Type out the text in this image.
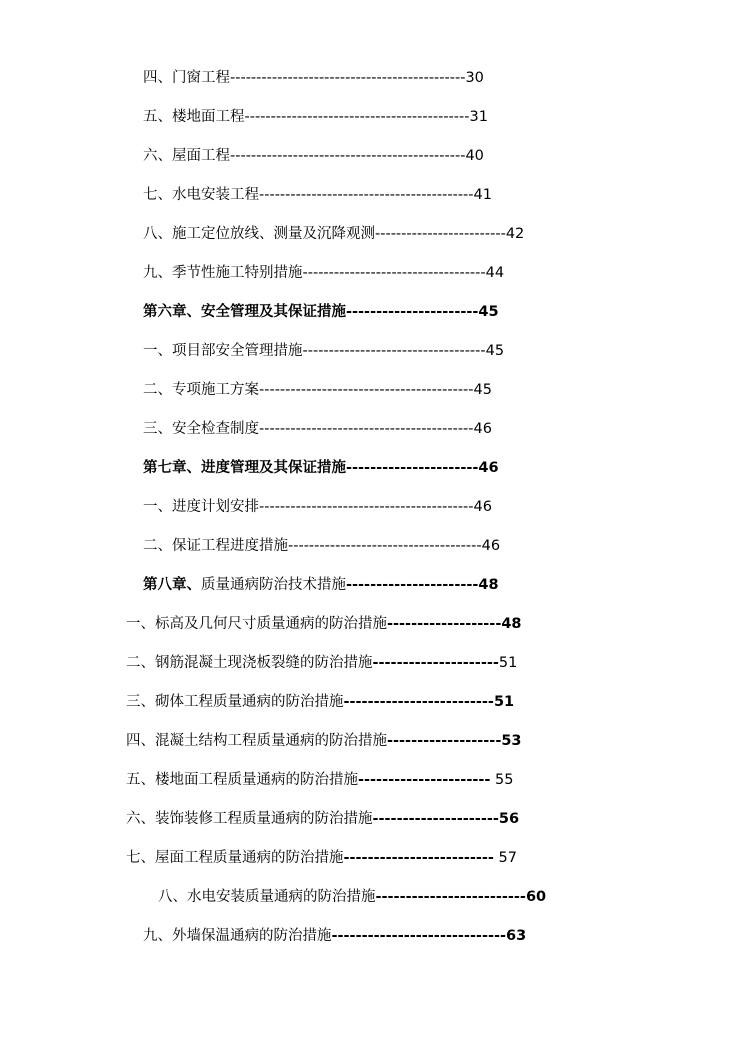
四、门窗工程---------------------------------------------30
五、楼地面工程-------------------------------------------31
六、屋面工程---------------------------------------------40
七、水电安装工程-----------------------------------------41
八、施工定位放线、测量及沉降观测-------------------------42
九、季节性施工特别措施-----------------------------------44
第六章、安全管理及其保证措施----------------------45
一、项目部安全管理措施-----------------------------------45
二、专项施工方案-----------------------------------------45
三、安全检查制度-----------------------------------------46
第七章、进度管理及其保证措施----------------------46
一、进度计划安排-----------------------------------------46
二、保证工程进度措施-------------------------------------46
第八章、质量通病防治技术措施----------------------48
一、标高及几何尺寸质量通病的防治措施-------------------48
二、钢筋混凝土现浇板裂缝的防治措施---------------------51
三、砌体工程质量通病的防治措施-------------------------51
四、混凝土结构工程质量通病的防治措施-------------------53
五、楼地面工程质量通病的防治措施---------------------- 55
六、装饰装修工程质量通病的防治措施---------------------56
七、屋面工程质量通病的防治措施------------------------- 57
八、水电安装质量通病的防治措施-------------------------60
九、外墙保温通病的防治措施-----------------------------63
